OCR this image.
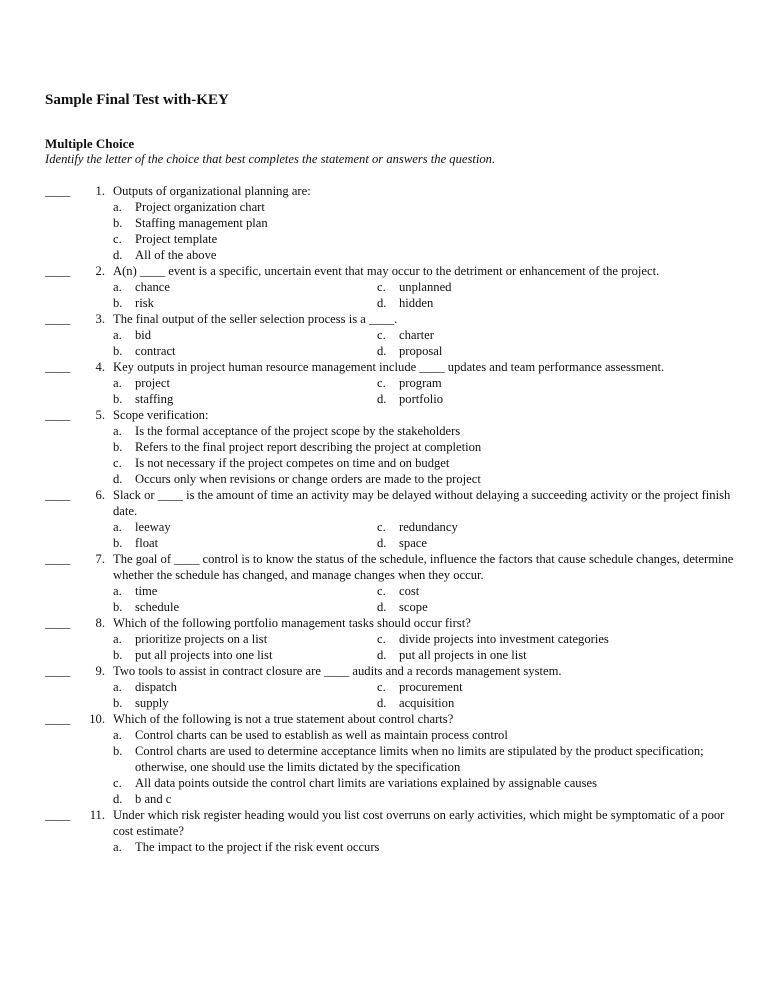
Sample Final Test with-KEY
Multiple Choice
Identify the letter of the choice that best completes the statement or answers the question.
____	1. Outputs of organizational planning are:
a.	Project organization chart
b. Staffing management plan
c.	Project template
d. All of the above
____	2. A(n) ____ event is a specific, uncertain event that may occur to the detriment or enhancement of the project.
a.	chance	c.	unplanned
b. risk	d. hidden
____	3. The final output of the seller selection process is a ____.
a.	bid	c.	charter
b. contract	d. proposal
____	4. Key outputs in project human resource management include ____ updates and team performance assessment.
a.	project	c.	program
b. staffing	d. portfolio
____	5. Scope verification:
a.	Is the formal acceptance of the project scope by the stakeholders
b. Refers to the final project report describing the project at completion
c.	Is not necessary if the project competes on time and on budget
d. Occurs only when revisions or change orders are made to the project
____	6. Slack or ____ is the amount of time an activity may be delayed without delaying a succeeding activity or the project finish date.
a.	leeway	c.	redundancy
b. float	d. space
____	7. The goal of ____ control is to know the status of the schedule, influence the factors that cause schedule changes, determine whether the schedule has changed, and manage changes when they occur.
a.	time	c.	cost
b. schedule	d. scope
____	8. Which of the following portfolio management tasks should occur first?
a.	prioritize projects on a list	c.	divide projects into investment categories
b. put all projects into one list	d. put all projects in one list
____	9. Two tools to assist in contract closure are ____ audits and a records management system.
a.	dispatch	c.	procurement
b. supply	d. acquisition
____	10. Which of the following is not a true statement about control charts?
a.	Control charts can be used to establish as well as maintain process control
b. Control charts are used to determine acceptance limits when no limits are stipulated by the product specification; otherwise, one should use the limits dictated by the specification
c.	All data points outside the control chart limits are variations explained by assignable causes
d. b and c
____	11. Under which risk register heading would you list cost overruns on early activities, which might be symptomatic of a poor cost estimate?
a.	The impact to the project if the risk event occurs
